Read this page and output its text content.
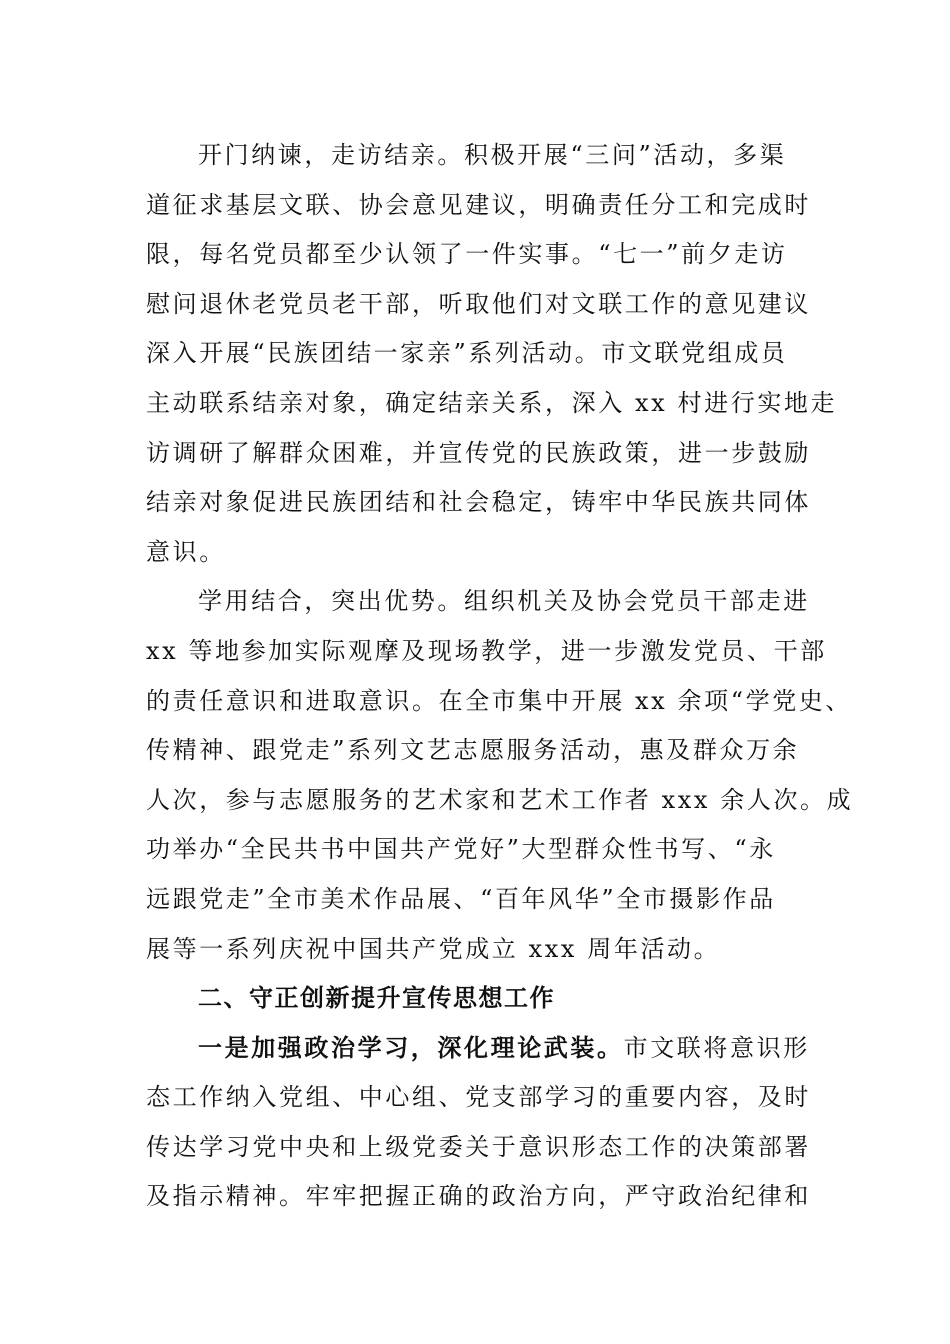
开门纳谏，走访结亲。积极开展“三问”活动，多渠
道征求基层文联、协会意见建议，明确责任分工和完成时
限，每名党员都至少认领了一件实事。“七一”前夕走访
慰问退休老党员老干部，听取他们对文联工作的意见建议
深入开展“民族团结一家亲”系列活动。市文联党组成员
主动联系结亲对象，确定结亲关系，深入 xx 村进行实地走
访调研了解群众困难，并宣传党的民族政策，进一步鼓励
结亲对象促进民族团结和社会稳定，铸牢中华民族共同体
意识。
学用结合，突出优势。组织机关及协会党员干部走进
xx 等地参加实际观摩及现场教学，进一步激发党员、干部
的责任意识和进取意识。在全市集中开展 xx 余项“学党史、
传精神、跟党走”系列文艺志愿服务活动，惠及群众万余
人次，参与志愿服务的艺术家和艺术工作者 xxx 余人次。成
功举办“全民共书中国共产党好”大型群众性书写、“永
远跟党走”全市美术作品展、“百年风华”全市摄影作品
展等一系列庆祝中国共产党成立 xxx 周年活动。
二、守正创新提升宣传思想工作
一是加强政治学习，深化理论武装。市文联将意识形
态工作纳入党组、中心组、党支部学习的重要内容，及时
传达学习党中央和上级党委关于意识形态工作的决策部署
及指示精神。牢牢把握正确的政治方向，严守政治纪律和
